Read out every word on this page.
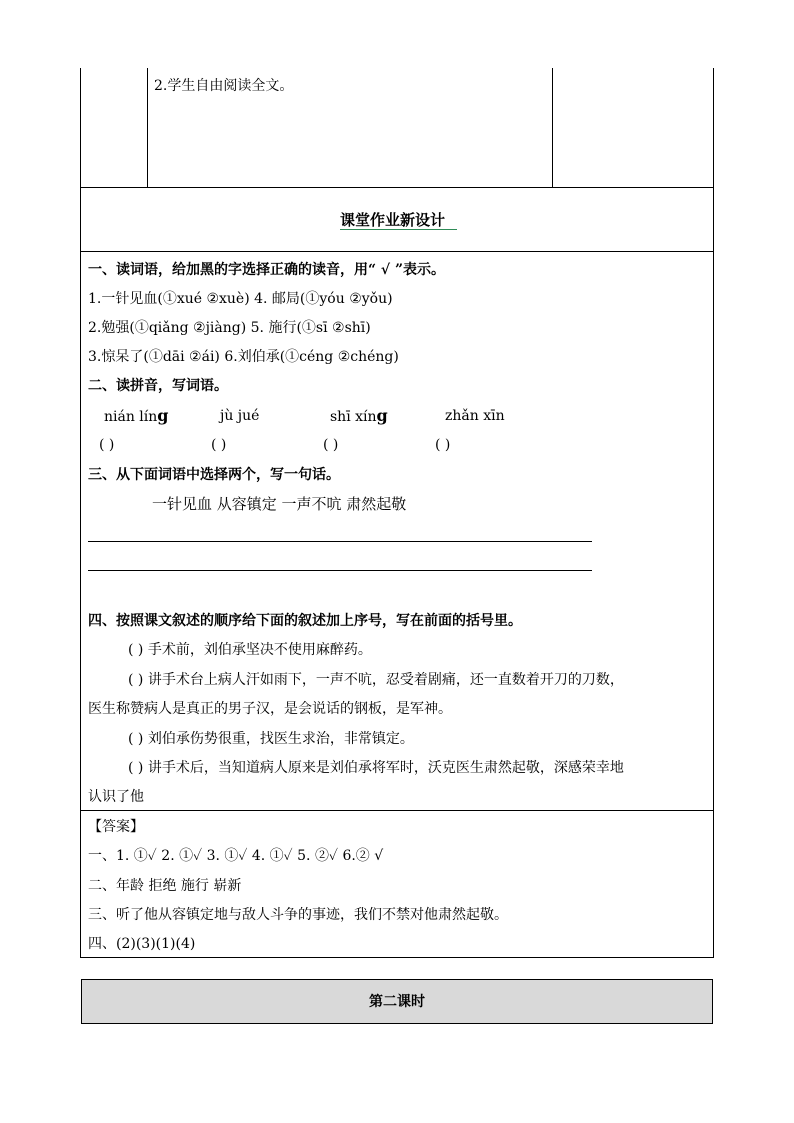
2.学生自由阅读全文。
课堂作业新设计
一、读词语，给加黑的字选择正确的读音，用“ √ ”表示。
1.一针见血(①xué ②xuè) 4. 邮局(①yóu ②yǒu)
2.勉强(①qiǎng ②jiàng) 5. 施行(①sī ②shī)
3.惊呆了(①dāi ②ái) 6.刘伯承(①céng ②chéng)
二、读拼音，写词语。
nián líng	jù jué	shī xíng	zhǎn xīn
( )	( )	( )	( )
三、从下面词语中选择两个，写一句话。
一针见血 从容镇定 一声不吭 肃然起敬
四、按照课文叙述的顺序给下面的叙述加上序号，写在前面的括号里。
( ) 手术前，刘伯承坚决不使用麻醉药。
( ) 讲手术台上病人汗如雨下，一声不吭，忍受着剧痛，还一直数着开刀的刀数，
医生称赞病人是真正的男子汉，是会说话的钢板，是军神。
( ) 刘伯承伤势很重，找医生求治，非常镇定。
( ) 讲手术后，当知道病人原来是刘伯承将军时，沃克医生肃然起敬，深感荣幸地
认识了他
【答案】
一、1. ①✓ 2. ①✓ 3. ①✓ 4. ①✓ 5. ②✓ 6.② √
二、年龄 拒绝 施行 崭新
三、听了他从容镇定地与敌人斗争的事迹，我们不禁对他肃然起敬。
四、(2)(3)(1)(4)
第二课时
